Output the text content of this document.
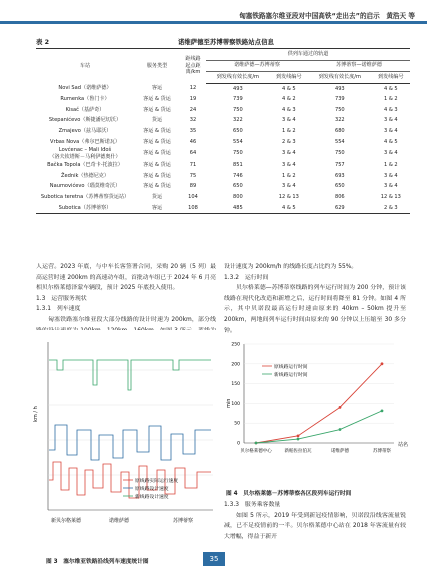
匈塞铁路塞尔维亚段对中国高铁“走出去”的启示　黄浩天 等
表 2	诺维萨德至苏博蒂察铁路站点信息
车站	服务类型	距线路
起点距
离/km	供列车通过的轨道			
			诺维萨德—苏博蒂察		苏博蒂察—诺维萨德	
			到发线有效长度/m	到发线编号	到发线有效长度/m	到发线编号
Novi Sad（诺维萨德）	客运	12	493	4 & 5	493	4 & 5
Rumenka（鲁门卡）	客运 & 货运	19	739	4 & 2	739	1 & 2
Kisač（基萨奇）	客运 & 货运	24	750	4 & 3	750	4 & 3
Stepanićevo（斯捷潘尼切沃）	货运	32	322	3 & 4	322	3 & 4
Zmajevo（兹马耶沃）	客运 & 货运	35	650	1 & 2	680	3 & 4
Vrbas Nova（弗尔巴斯诺瓦）	客运 & 货运	46	554	2 & 3	554	4 & 5

Lovćenac – Mali Iđoš
（洛夫钦塔斯－马利伊德奥什）	客运 & 货运	64	750	3 & 4	750	3 & 4
Bačka Topola（巴奇卡·托波拉）	客运 & 货运	71	851	3 & 4	757	1 & 2
Žednik（热德尼克）	客运 & 货运	75	746	1 & 2	693	3 & 4
Naumovićevo（瑙莫维奇沃）	客运 & 货运	89	650	3 & 4	650	3 & 4
Subotica teretna（苏博蒂察货运站）	货运	104	800	12 & 13	806	12 & 13
Subotica（苏博蒂察）	客运	108	485	4 & 5	629	2 & 3

人运营。2023 年底，与中车长客签署合同，采购 20 辆（5 列）最高运营时速 200km 的高速动车组，首批动车组已于 2024 年 6 月亮相贝尔格莱德泽蒙车辆段，预计 2025 年底投入使用。

1.3　运营服务现状
1.3.1　列车速度

匈塞铁路塞尔维亚段大部分线路的设计时速为 200km，部分线

设计速度为 200km/h 的线路长度占比约为 55%。

1.3.2　运行时间

贝尔格莱德—苏博蒂察线路的列车运行时间为 200 分钟，预计该线路在现代化改造和新增之后，运行时间将降至 81 分钟。如图 4 所示，其中贝诺段最高运行时速由原来的 40km – 50km 提升至 200km，两地间列车运行时间由原来的 90 分钟以上压缩至 30 多分钟。

km / h
原线路实际运行速度
原线路设计速度
新线路设计速度
新贝尔格莱德	诺维萨德	苏博蒂察
图 3　塞尔维亚铁路沿线列车速度统计图
min
站名
0
50
100
150
200
250
贝尔格莱德中心	新帕佐拉伯瓦	诺维萨德	苏博蒂察
原线路运行时间
新线路运行时间
图 4　贝尔格莱德－苏博蒂察各区段列车运行时间
1.3.3　服务乘客数量

如图 5 所示，2019 年受到新冠疫情影响，贝诺段沿线客流量锐减，已不足疫情前的一半。贝尔格莱德中心站在 2018 年客流量有较大增幅，得益于新开

35
